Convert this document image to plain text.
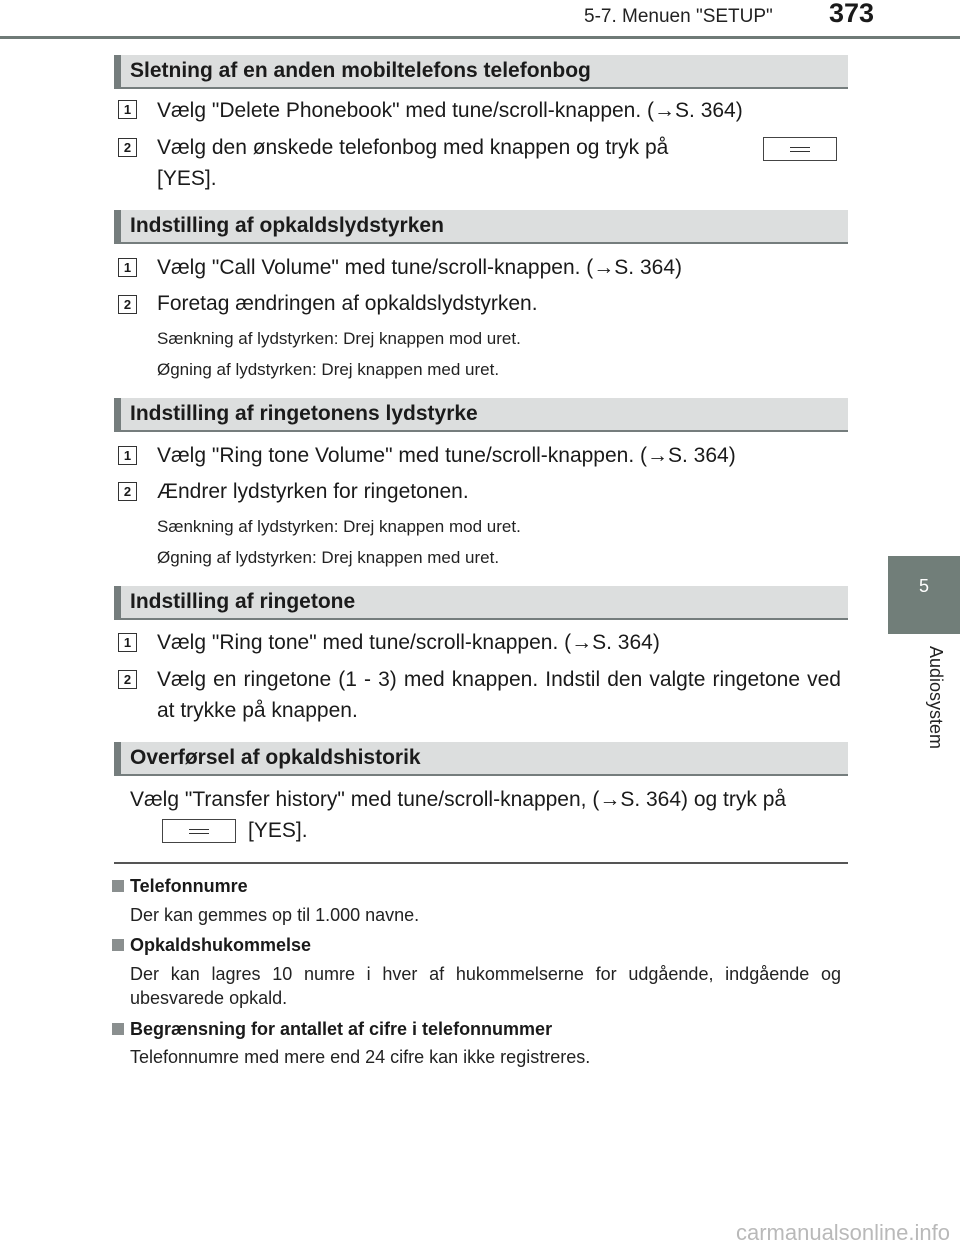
5-7. Menuen "SETUP" 373
5
Audiosystem
Sletning af en anden mobiltelefons telefonbog
1 Vælg "Delete Phonebook" med tune/scroll-knappen. (→S. 364)
2 Vælg den ønskede telefonbog med knappen og tryk på
[YES].
Indstilling af opkaldslydstyrken
1 Vælg "Call Volume" med tune/scroll-knappen. (→S. 364)
2 Foretag ændringen af opkaldslydstyrken.
Sænkning af lydstyrken: Drej knappen mod uret.
Øgning af lydstyrken: Drej knappen med uret.
Indstilling af ringetonens lydstyrke
1 Vælg "Ring tone Volume" med tune/scroll-knappen. (→S. 364)
2 Ændrer lydstyrken for ringetonen.
Sænkning af lydstyrken: Drej knappen mod uret.
Øgning af lydstyrken: Drej knappen med uret.
Indstilling af ringetone
1 Vælg "Ring tone" med tune/scroll-knappen. (→S. 364)
2 Vælg en ringetone (1 - 3) med knappen. Indstil den valgte ringetone ved at trykke på knappen.
Overførsel af opkaldshistorik
Vælg "Transfer history" med tune/scroll-knappen, (→S. 364) og tryk på
[YES].
Telefonnumre
Der kan gemmes op til 1.000 navne.
Opkaldshukommelse
Der kan lagres 10 numre i hver af hukommelserne for udgående, indgående og ubesvarede opkald.
Begrænsning for antallet af cifre i telefonnummer
Telefonnumre med mere end 24 cifre kan ikke registreres.
carmanualsonline.info
